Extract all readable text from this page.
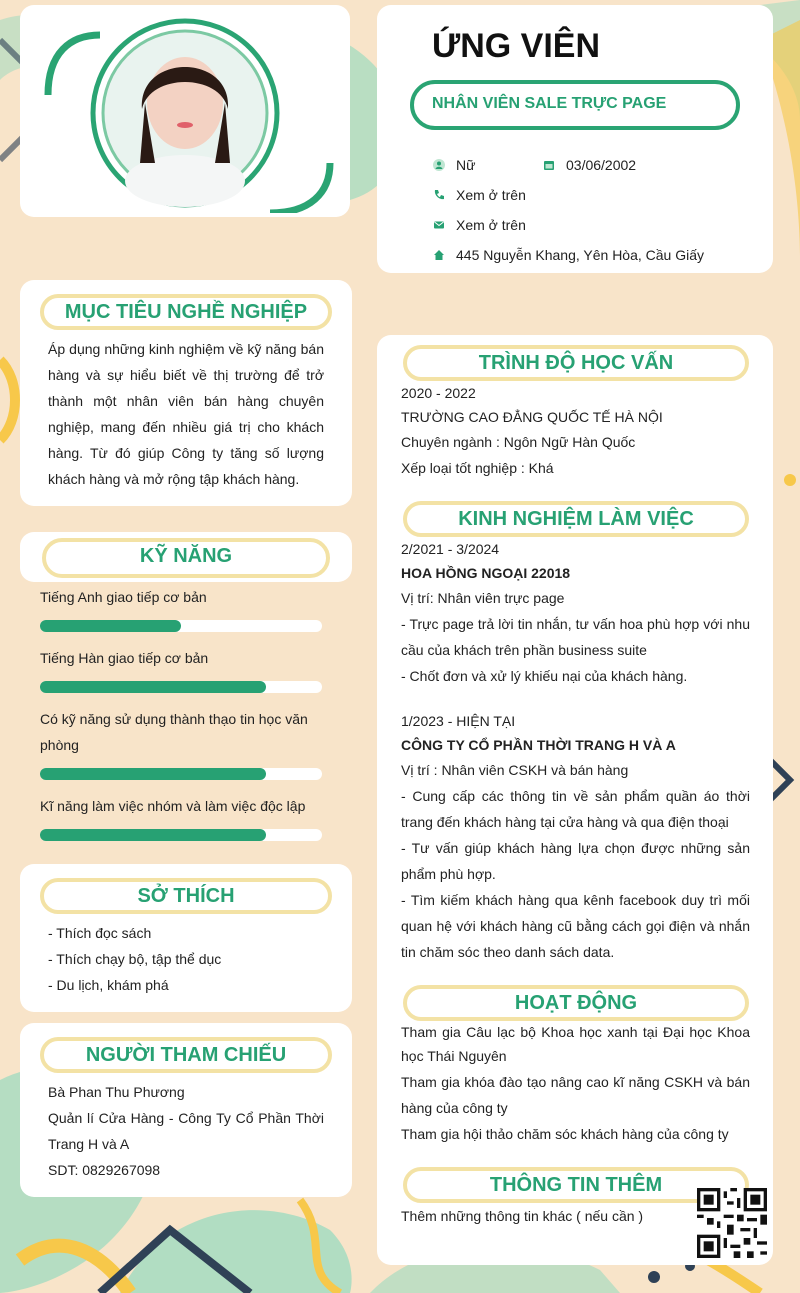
ỨNG VIÊN
NHÂN VIÊN SALE TRỰC PAGE
Nữ	03/06/2002
Xem ở trên
Xem ở trên
445 Nguyễn Khang, Yên Hòa, Cầu Giấy
MỤC TIÊU NGHỀ NGHIỆP
Áp dụng những kinh nghiệm về kỹ năng bán hàng và sự hiểu biết về thị trường để trở thành một nhân viên bán hàng chuyên nghiệp, mang đến nhiều giá trị cho khách hàng. Từ đó giúp Công ty tăng số lượng khách hàng và mở rộng tập khách hàng.
KỸ NĂNG
Tiếng Anh giao tiếp cơ bản
Tiếng Hàn giao tiếp cơ bản
Có kỹ năng sử dụng thành thạo tin học văn phòng
Kĩ năng làm việc nhóm và làm việc độc lập
SỞ THÍCH
- Thích đọc sách
- Thích chạy bộ, tập thể dục
- Du lịch, khám phá
NGƯỜI THAM CHIẾU
Bà Phan Thu Phương
Quản lí Cửa Hàng - Công Ty Cổ Phần Thời Trang H và A
SDT: 0829267098
TRÌNH ĐỘ HỌC VẤN
2020 - 2022
TRƯỜNG CAO ĐẲNG QUỐC TẾ HÀ NỘI
Chuyên ngành : Ngôn Ngữ Hàn Quốc
Xếp loại tốt nghiệp : Khá
KINH NGHIỆM LÀM VIỆC
2/2021 - 3/2024
HOA HỒNG NGOẠI 22018
Vị trí: Nhân viên trực page
- Trực page trả lời tin nhắn, tư vấn hoa phù hợp với nhu cầu của khách trên phần business suite
- Chốt đơn và xử lý khiếu nại của khách hàng.
1/2023 - HIỆN TẠI
CÔNG TY CỔ PHẦN THỜI TRANG H VÀ A
Vị trí : Nhân viên CSKH và bán hàng
- Cung cấp các thông tin về sản phẩm quần áo thời trang đến khách hàng tại cửa hàng và qua điện thoại
- Tư vấn giúp khách hàng lựa chọn được những sản phẩm phù hợp.
- Tìm kiếm khách hàng qua kênh facebook duy trì mối quan hệ với khách hàng cũ bằng cách gọi điện và nhắn tin chăm sóc theo danh sách data.
HOẠT ĐỘNG
Tham gia Câu lạc bộ Khoa học xanh tại Đại học Khoa học Thái Nguyên
Tham gia khóa đào tạo nâng cao kĩ năng CSKH và bán hàng của công ty
Tham gia hội thảo chăm sóc khách hàng của công ty
THÔNG TIN THÊM
Thêm những thông tin khác ( nếu cần )
